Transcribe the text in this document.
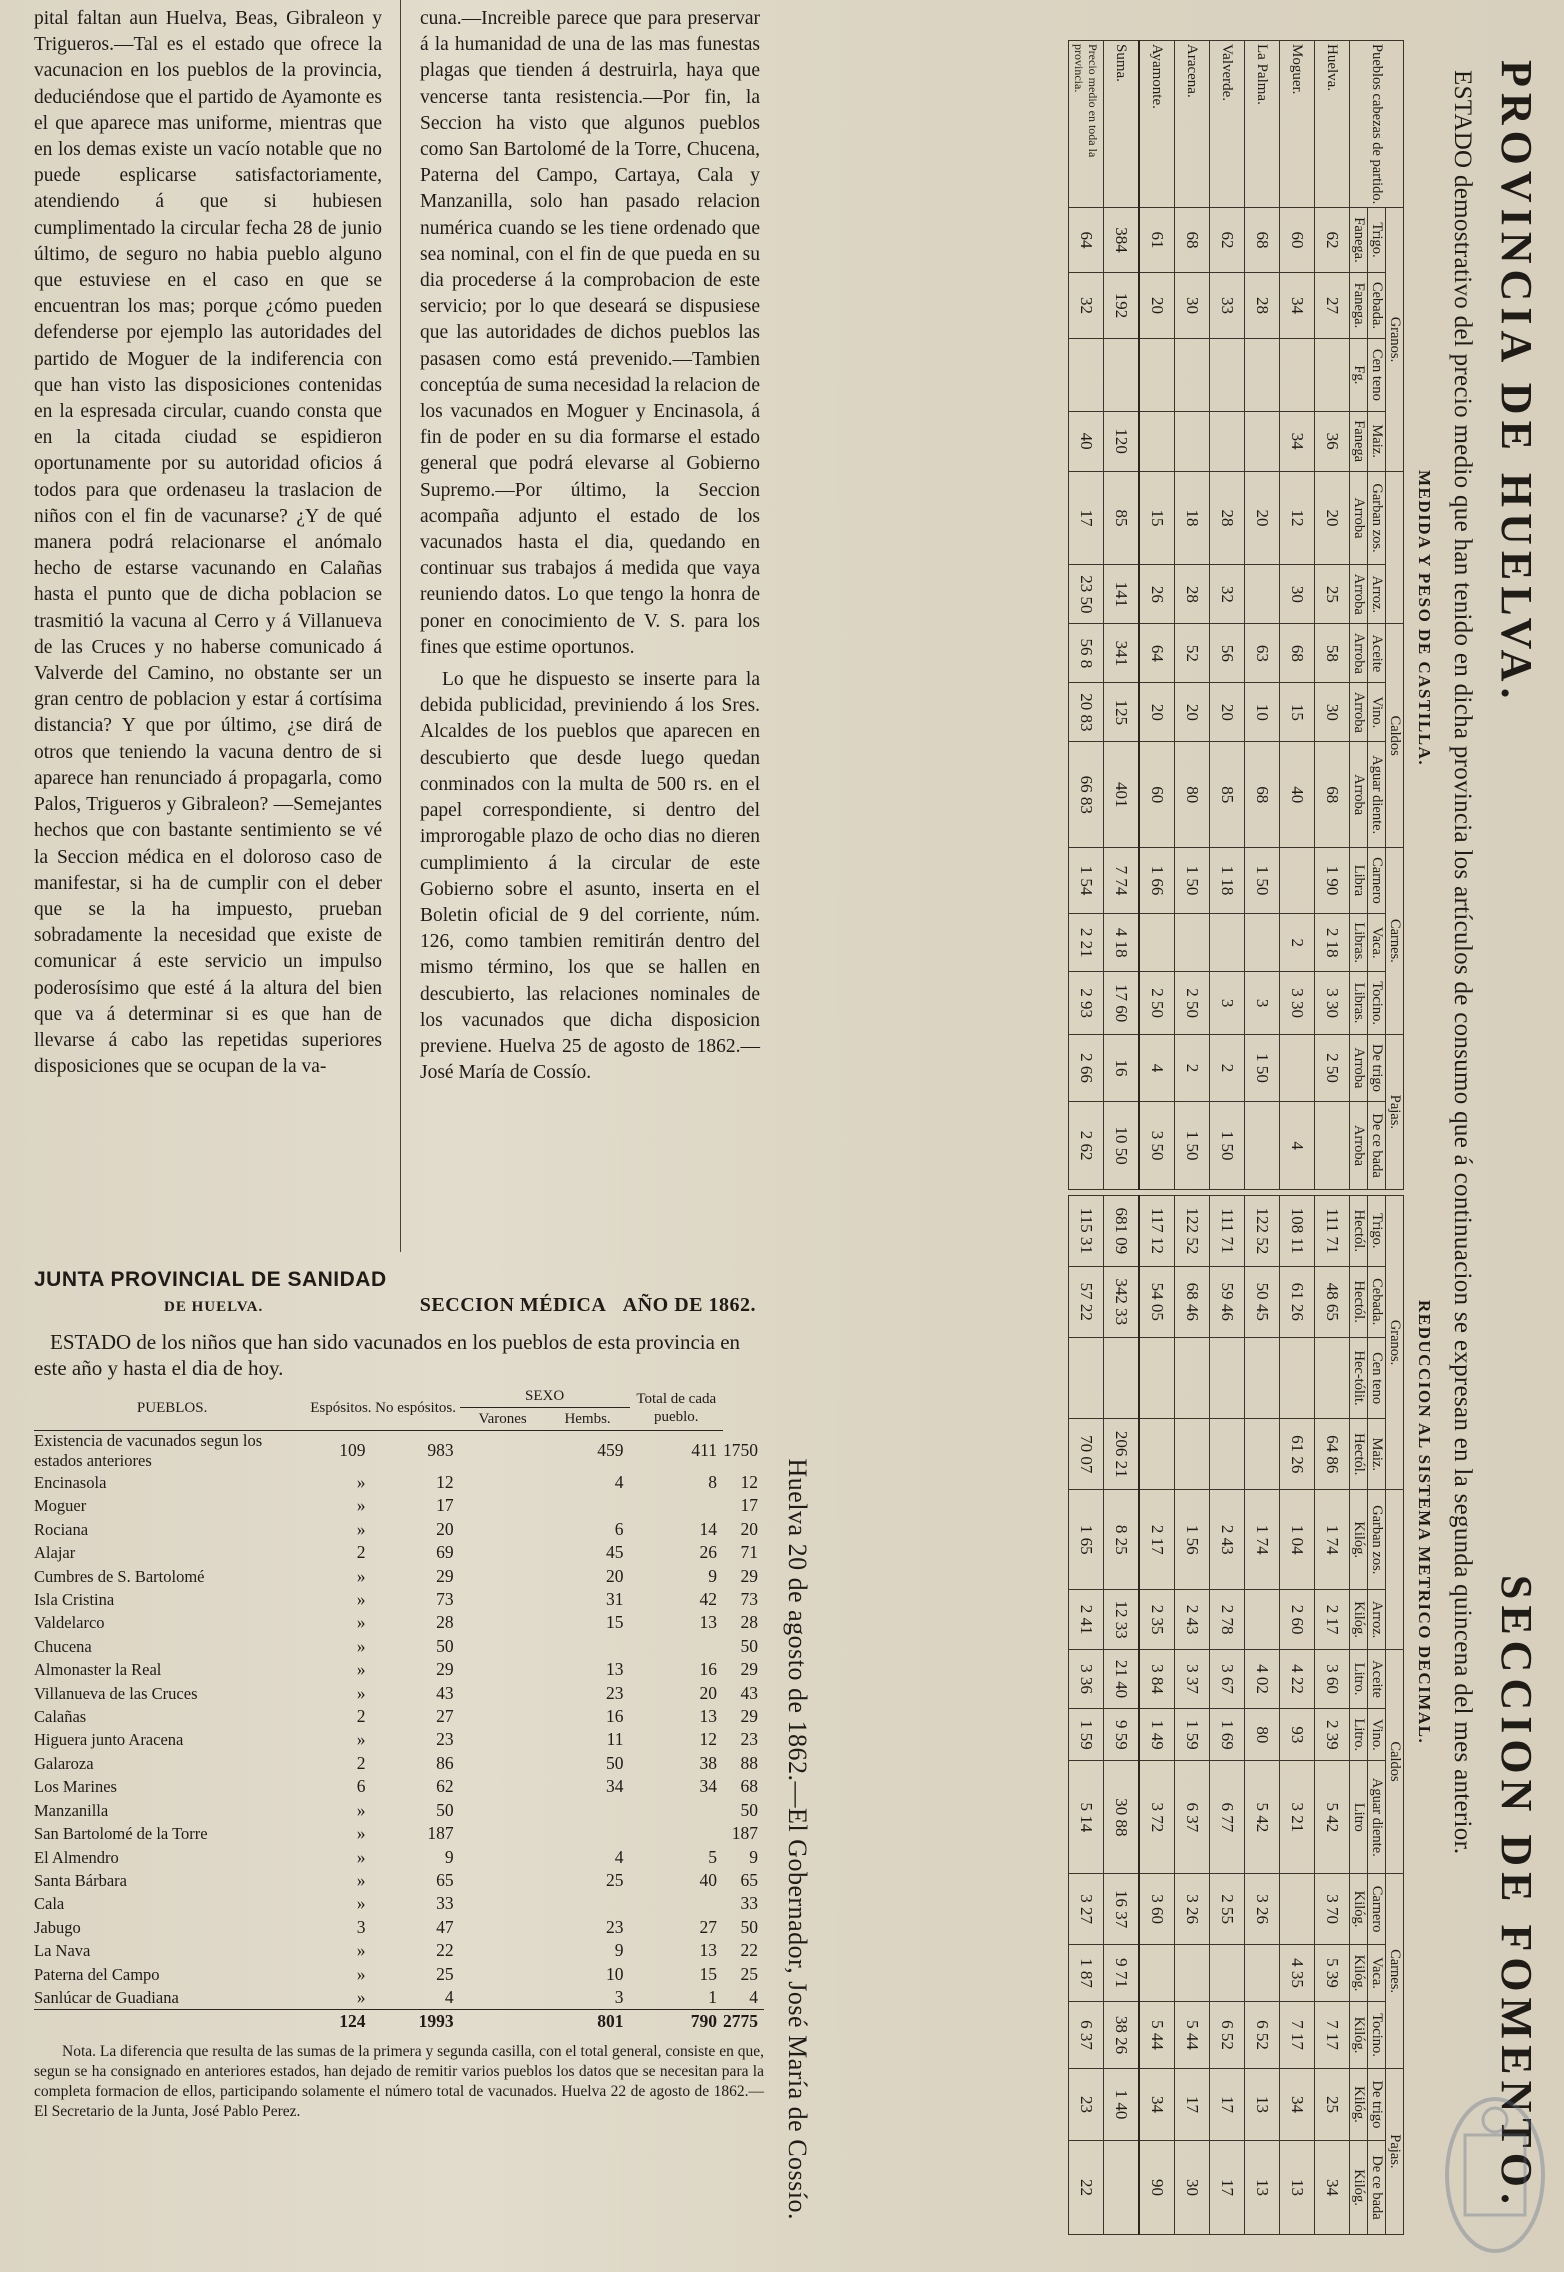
pital faltan aun Huelva, Beas, Gibraleon y Trigueros.—Tal es el estado que ofrece la vacunacion en los pueblos de la provincia, deduciéndose que el partido de Ayamonte es el que aparece mas uniforme, mientras que en los demas existe un vacío notable que no puede esplicarse satisfactoriamente, atendiendo á que si hubiesen cumplimentado la circular fecha 28 de junio último, de seguro no habia pueblo alguno que estuviese en el caso en que se encuentran los mas; porque ¿cómo pueden defenderse por ejemplo las autoridades del partido de Moguer de la indiferencia con que han visto las disposiciones contenidas en la espresada circular, cuando consta que en la citada ciudad se espidieron oportunamente por su autoridad oficios á todos para que ordenaseu la traslacion de niños con el fin de vacunarse? ¿Y de qué manera podrá relacionarse el anómalo hecho de estarse vacunando en Calañas hasta el punto que de dicha poblacion se trasmitió la vacuna al Cerro y á Villanueva de las Cruces y no haberse comunicado á Valverde del Camino, no obstante ser un gran centro de poblacion y estar á cortísima distancia? Y que por último, ¿se dirá de otros que teniendo la vacuna dentro de si aparece han renunciado á propagarla, como Palos, Trigueros y Gibraleon? —Semejantes hechos que con bastante sentimiento se vé la Seccion médica en el doloroso caso de manifestar, si ha de cumplir con el deber que se la ha impuesto, prueban sobradamente la necesidad que existe de comunicar á este servicio un impulso poderosísimo que esté á la altura del bien que va á determinar si es que han de llevarse á cabo las repetidas superiores disposiciones que se ocupan de la va-

cuna.—Increible parece que para preservar á la humanidad de una de las mas funestas plagas que tienden á destruirla, haya que vencerse tanta resistencia.—Por fin, la Seccion ha visto que algunos pueblos como San Bartolomé de la Torre, Chucena, Paterna del Campo, Cartaya, Cala y Manzanilla, solo han pasado relacion numérica cuando se les tiene ordenado que sea nominal, con el fin de que pueda en su dia procederse á la comprobacion de este servicio; por lo que deseará se dispusiese que las autoridades de dichos pueblos las pasasen como está prevenido.—Tambien conceptúa de suma necesidad la relacion de los vacunados en Moguer y Encinasola, á fin de poder en su dia formarse el estado general que podrá elevarse al Gobierno Supremo.—Por último, la Seccion acompaña adjunto el estado de los vacunados hasta el dia, quedando en continuar sus trabajos á medida que vaya reuniendo datos. Lo que tengo la honra de poner en conocimiento de V. S. para los fines que estime oportunos.

Lo que he dispuesto se inserte para la debida publicidad, previniendo á los Sres. Alcaldes de los pueblos que aparecen en descubierto que desde luego quedan conminados con la multa de 500 rs. en el papel correspondiente, si dentro del improrogable plazo de ocho dias no dieren cumplimiento á la circular de este Gobierno sobre el asunto, inserta en el Boletin oficial de 9 del corriente, núm. 126, como tambien remitirán dentro del mismo término, los que se hallen en descubierto, las relaciones nominales de los vacunados que dicha disposicion previene. Huelva 25 de agosto de 1862.—José María de Cossío.

JUNTA PROVINCIAL DE SANIDAD
DE HUELVA.	SECCION MÉDICA AÑO DE 1862.
ESTADO de los niños que han sido vacunados en los pueblos de esta provincia en este año y hasta el dia de hoy.
PUEBLOS.	Espósitos.	No espósitos.	SEXO
Varones Hembs.	Total de cada pueblo.	
Existencia de vacunados segun los estados anteriores	109	983	459	411	1750
Encinasola	»	12	4	8	12
Moguer	»	17			17
Rociana	»	20	6	14	20
Alajar	2	69	45	26	71
Cumbres de S. Bartolomé	»	29	20	9	29
Isla Cristina	»	73	31	42	73
Valdelarco	»	28	15	13	28
Chucena	»	50			50
Almonaster la Real	»	29	13	16	29
Villanueva de las Cruces	»	43	23	20	43
Calañas	2	27	16	13	29
Higuera junto Aracena	»	23	11	12	23
Galaroza	2	86	50	38	88
Los Marines	6	62	34	34	68
Manzanilla	»	50			50
San Bartolomé de la Torre	»	187			187
El Almendro	»	9	4	5	9
Santa Bárbara	»	65	25	40	65
Cala	»	33			33
Jabugo	3	47	23	27	50
La Nava	»	22	9	13	22
Paterna del Campo	»	25	10	15	25
Sanlúcar de Guadiana	»	4	3	1	4
	124	1993	801	790	2775
Nota. La diferencia que resulta de las sumas de la primera y segunda casilla, con el total general, consiste en que, segun se ha consignado en anteriores estados, han dejado de remitir varios pueblos los datos que se necesitan para la completa formacion de ellos, participando solamente el número total de vacunados. Huelva 22 de agosto de 1862.—El Secretario de la Junta, José Pablo Perez.
PROVINCIA DE HUELVA.
SECCION DE FOMENTO.
ESTADO demostrativo del precio medio que han tenido en dicha provincia los artículos de consumo que á continuacion se expresan en la segunda quincena del mes anterior.
MEDIDA Y PESO DE CASTILLA.
REDUCCION AL SISTEMA METRICO DECIMAL.
Pueblos cabezas de partido.	Granos.						Caldos			Carnes.			Pajas.	
	Trigo.	Cebada.	Cen teno	Maiz.	Garban zos.	Arroz.	Aceite	Vino.	Aguar diente.	Carnero	Vaca.	Tocino.	De trigo	De ce bada
	Fanega.	Fanega.	Fg.	Fanega	Arroba	Arroba	Arroba	Arroba	Arroba	Libra	Libras.	Libras.	Arroba	Arroba
Huelva.	62	27		36	20	25	58	30	68	1 90	2 18	3 30	2 50	
Moguer.	60	34		34	12	30	68	15	40		2	3 30		4
La Palma.	68	28			20		63	10	68	1 50		3	1 50	
Valverde.	62	33			28	32	56	20	85	1 18		3	2	1 50
Aracena.	68	30			18	28	52	20	80	1 50		2 50	2	1 50
Ayamonte.	61	20			15	26	64	20	60	1 66		2 50	4	3 50
Suma.	384	192		120	85	141	341	125	401	7 74	4 18	17 60	16	10 50
Precio medio en toda la provincia.	64	32		40	17	23 50	56 8	20 83	66 83	1 54	2 21	2 93	2 66	2 62
Granos.						Caldos			Carnes.			Pajas.	
Trigo.	Cebada.	Cen teno	Maiz.	Garban zos.	Arroz.	Aceite	Vino.	Aguar diente.	Carnero	Vaca.	Tocino.	De trigo	De ce bada
Hectól.	Hectól.	Hec-tólit.	Hectól.	Kilóg.	Kilóg.	Litro.	Litro.	Litro	Kilóg.	Kilóg.	Kilóg.	Kilóg.	Kilóg.
111 71	48 65		64 86	1 74	2 17	3 60	2 39	5 42	3 70	5 39	7 17	25	34
108 11	61 26		61 26	1 04	2 60	4 22	93	3 21		4 35	7 17	34	13
122 52	50 45			1 74		4 02	80	5 42	3 26		6 52	13	13
111 71	59 46			2 43	2 78	3 67	1 69	6 77	2 55		6 52	17	17
122 52	68 46			1 56	2 43	3 37	1 59	6 37	3 26		5 44	17	30
117 12	54 05			2 17	2 35	3 84	1 49	3 72	3 60		5 44	34	90
681 09	342 33		206 21	8 25	12 33	21 40	9 59	30 88	16 37	9 71	38 26	1 40	
115 31	57 22		70 07	1 65	2 41	3 36	1 59	5 14	3 27	1 87	6 37	23	22
Huelva 20 de agosto de 1862.—El Gobernador, José María de Cossío.
